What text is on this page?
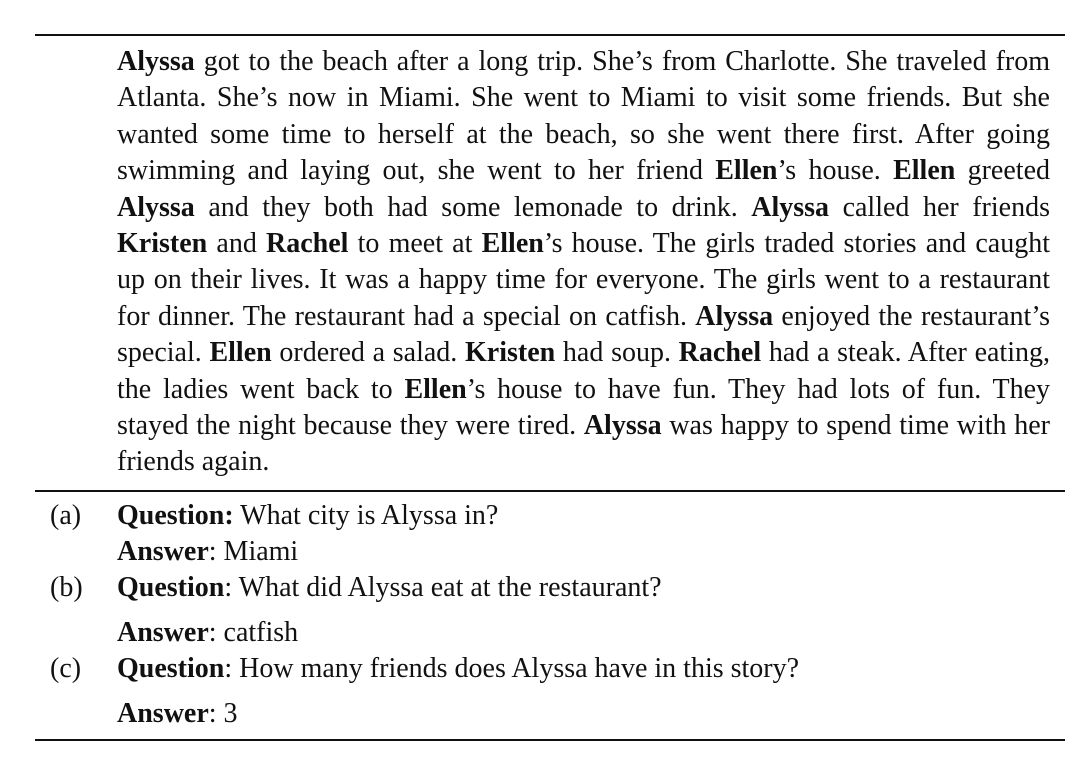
Alyssa got to the beach after a long trip. She’s from Charlotte. She traveled from Atlanta. She’s now in Miami. She went to Miami to visit some friends. But she wanted some time to herself at the beach, so she went there first. After going swimming and laying out, she went to her friend Ellen’s house. Ellen greeted Alyssa and they both had some lemonade to drink. Alyssa called her friends Kristen and Rachel to meet at Ellen’s house. The girls traded stories and caught up on their lives. It was a happy time for everyone. The girls went to a restaurant for dinner. The restaurant had a special on catfish. Alyssa enjoyed the restaurant’s special. Ellen ordered a salad. Kristen had soup. Rachel had a steak. After eating, the ladies went back to Ellen’s house to have fun. They had lots of fun. They stayed the night because they were tired. Alyssa was happy to spend time with her friends again.
(a) Question: What city is Alyssa in?
Answer: Miami
(b) Question: What did Alyssa eat at the restaurant?
Answer: catfish
(c) Question: How many friends does Alyssa have in this story?
Answer: 3
